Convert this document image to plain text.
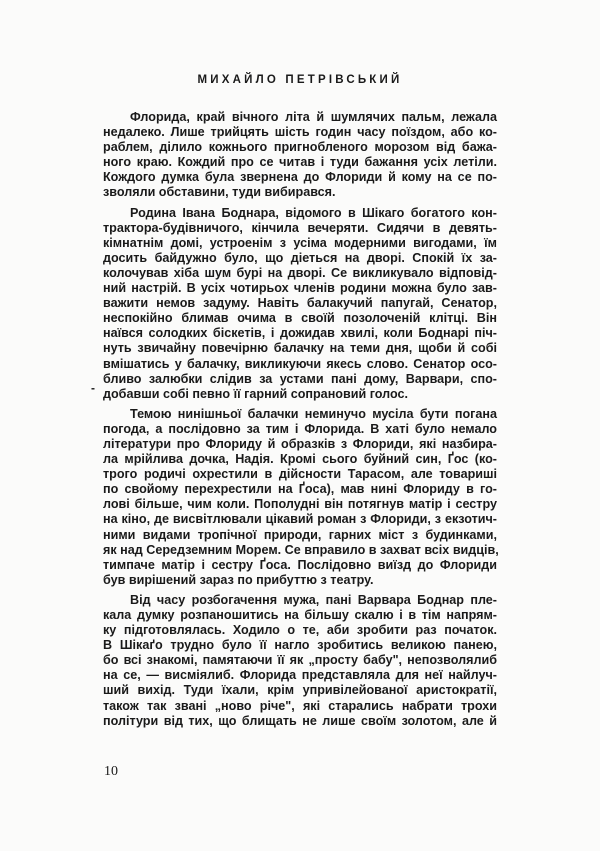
МИХАЙЛО ПЕТРІВСЬКИЙ
-
Флорида, край вічного літа й шумлячих пальм, лежала
недалеко. Лише трийцять шість годин часу поїздом, або ко-
раблем, ділило кожнього пригнобленого морозом від бажа-
ного краю. Кождий про се читав і туди бажання усіх летіли.
Кождого думка була звернена до Флориди й кому на се по-
зволяли обставини, туди вибирався.
Родина Івана Боднара, відомого в Шікаго богатого кон-
трактора-будівничого, кінчила вечеряти. Сидячи в девять-
кімнатнім домі, устроенім з усіма модерними вигодами, їм
досить байдужно було, що діеться на дворі. Спокій їх за-
колочував хіба шум бурі на дворі. Се викликувало відповід-
ний настрій. В усіх чотирьох членів родини можна було зав-
важити немов задуму. Навіть балакучий папугай, Сенатор,
неспокійно блимав очима в своїй позолоченій клітці. Він
наївся солодких біскетів, і дожидав хвилі, коли Боднарі піч-
нуть звичайну повечірню балачку на теми дня, щоби й собі
вмішатись у балачку, викликуючи якесь слово. Сенатор осо-
бливо залюбки слідив за устами пані дому, Варвари, спо-
добавши собі певно її гарний сопрановий голос.
Темою нинішньої балачки неминучо мусіла бути погана
погода, а послідовно за тим і Флорида. В хаті було немало
літератури про Флориду й образків з Флориди, які назбира-
ла мрійлива дочка, Надія. Кромі сього буйний син, Ґос (ко-
трого родичі охрестили в дійсности Тарасом, але товариші
по свойому перехрестили на Ґоса), мав нині Флориду в го-
лові більше, чим коли. Пополудні він потягнув матір і сестру
на кіно, де висвітлювали цікавий роман з Флориди, з екзотич-
ними видами тропічної природи, гарних міст з будинками,
як над Середземним Морем. Се вправило в захват всіх видців,
тимпаче матір і сестру Ґоса. Послідовно виїзд до Флориди
був вирішений зараз по прибуттю з театру.
Від часу розбогачення мужа, пані Варвара Боднар пле-
кала думку розпаношитись на більшу скалю і в тім напрям-
ку підготовлялась. Ходило о те, аби зробити раз початок.
В Шікаґо трудно було її нагло зробитись великою панею,
бо всі знакомі, памятаючи її як „просту бабу", непозволялиб
на се, — висміялиб. Флорида представляла для неї найлуч-
ший вихід. Туди їхали, крім упривілейованої аристократії,
також так звані „ново річе", які старались набрати трохи
політури від тих, що блищать не лише своїм золотом, але й
10
